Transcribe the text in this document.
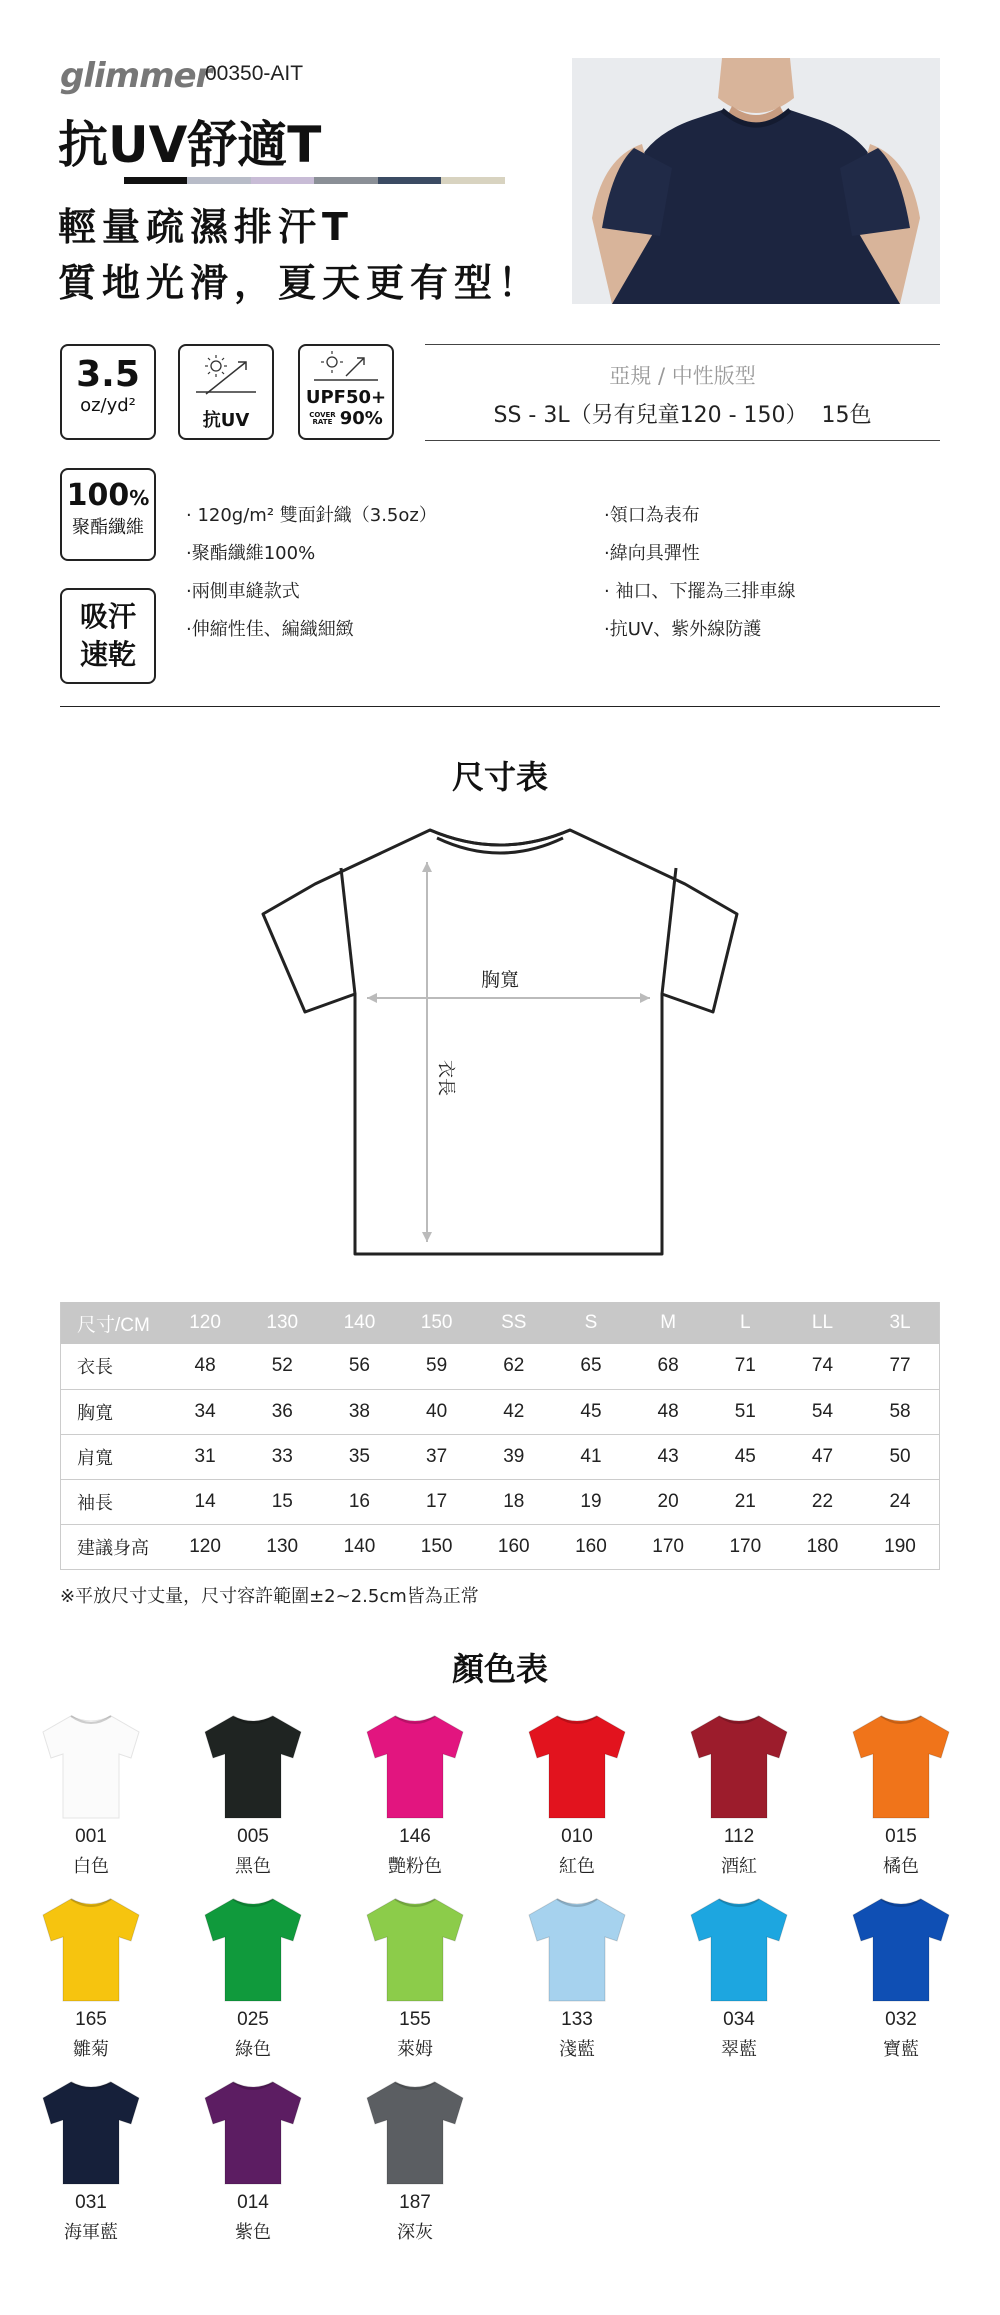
glimmer
00350-AIT
抗UV舒適T
輕量疏濕排汗T
質地光滑，夏天更有型！
3.5
oz/yd²
抗UV
UPF50+
COVER
RATE 90%
亞規 / 中性版型
SS - 3L（另有兒童120 - 150）  15色
100%
聚酯纖維
吸汗
速乾
· 120g/m² 雙面針織（3.5oz）
·聚酯纖維100%
·兩側車縫款式
·伸縮性佳、編織細緻
·領口為表布
·緯向具彈性
· 袖口、下擺為三排車線
·抗UV、紫外線防護
尺寸表
胸寬
衣長
尺寸/CM	120	130	140	150	SS	S	M	L	LL	3L
衣長	48	52	56	59	62	65	68	71	74	77
胸寬	34	36	38	40	42	45	48	51	54	58
肩寬	31	33	35	37	39	41	43	45	47	50
袖長	14	15	16	17	18	19	20	21	22	24
建議身高	120	130	140	150	160	160	170	170	180	190
※平放尺寸丈量，尺寸容許範圍±2~2.5cm皆為正常
顏色表
001
白色
005
黑色
146
艷粉色
010
紅色
112
酒紅
015
橘色
165
雛菊
025
綠色
155
萊姆
133
淺藍
034
翠藍
032
寶藍
031
海軍藍
014
紫色
187
深灰
